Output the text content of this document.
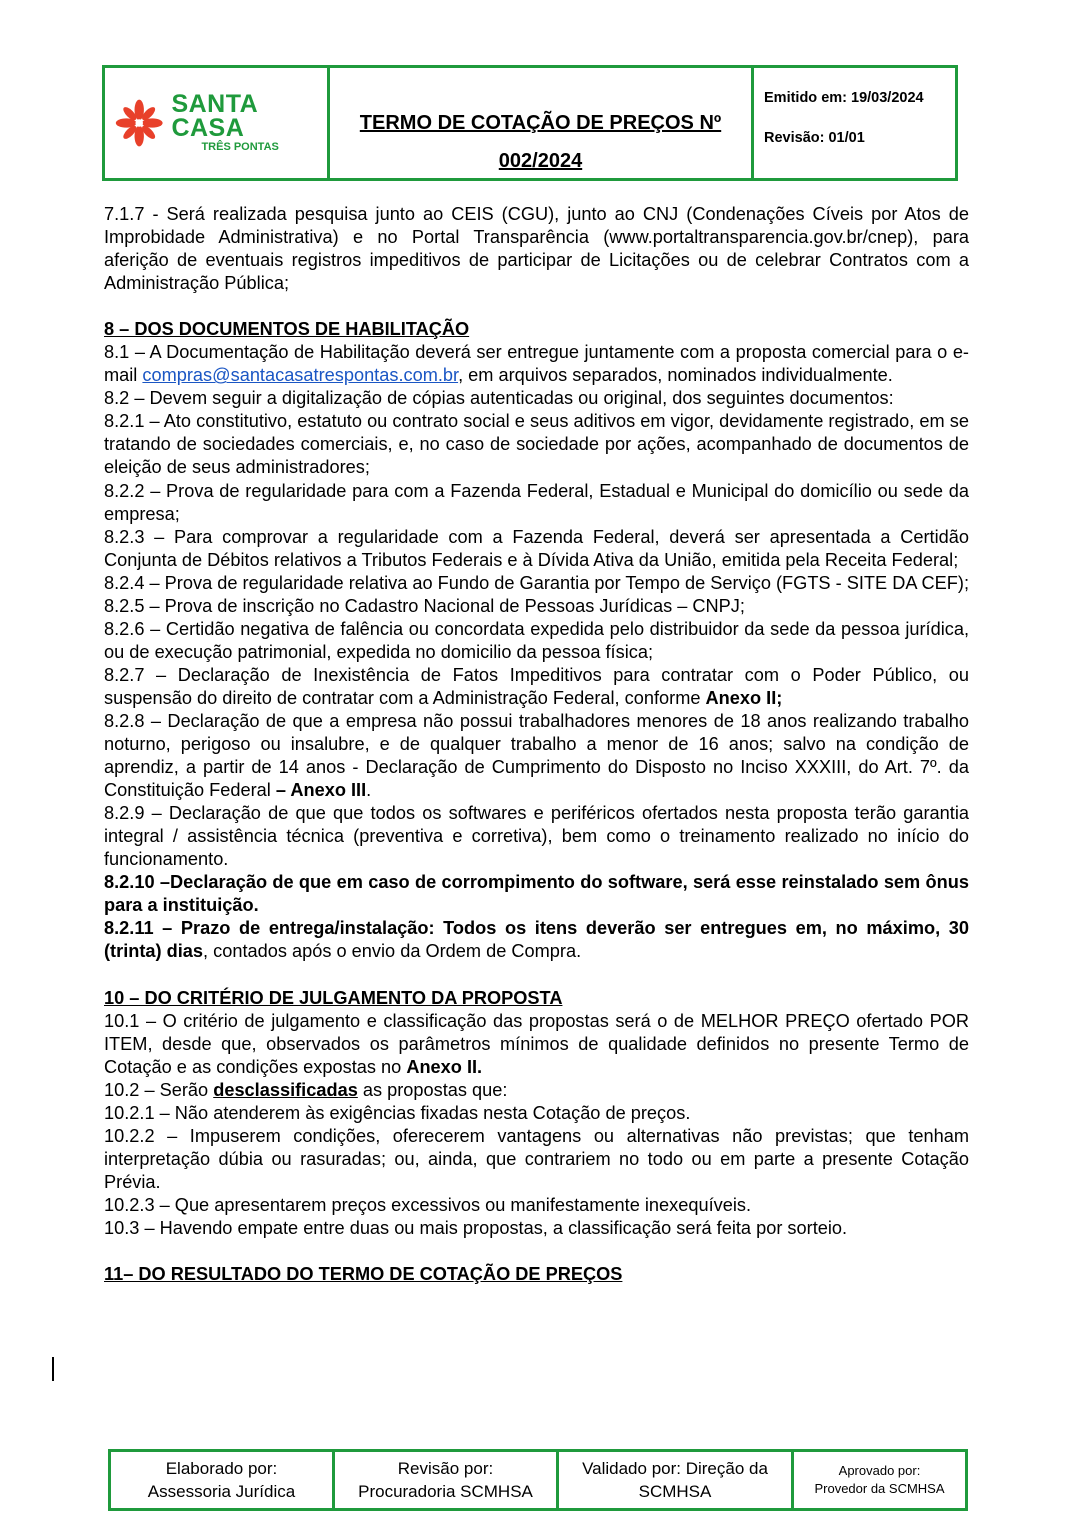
SANTA CASA
TRÊS PONTAS
TERMO DE COTAÇÃO DE PREÇOS Nº
002/2024
Emitido em: 19/03/2024
Revisão: 01/01

7.1.7 - Será realizada pesquisa junto ao CEIS (CGU), junto ao CNJ (Condenações Cíveis por Atos de Improbidade Administrativa) e no Portal Transparência (www.portaltransparencia.gov.br/cnep), para aferição de eventuais registros impeditivos de participar de Licitações ou de celebrar Contratos com a Administração Pública;

8 – DOS DOCUMENTOS DE HABILITAÇÃO

8.1 – A Documentação de Habilitação deverá ser entregue juntamente com a proposta comercial para o e-mail compras@santacasatrespontas.com.br, em arquivos separados, nominados individualmente.

8.2 – Devem seguir a digitalização de cópias autenticadas ou original, dos seguintes documentos:

8.2.1 – Ato constitutivo, estatuto ou contrato social e seus aditivos em vigor, devidamente registrado, em se tratando de sociedades comerciais, e, no caso de sociedade por ações, acompanhado de documentos de eleição de seus administradores;

8.2.2 – Prova de regularidade para com a Fazenda Federal, Estadual e Municipal do domicílio ou sede da empresa;

8.2.3 – Para comprovar a regularidade com a Fazenda Federal, deverá ser apresentada a Certidão Conjunta de Débitos relativos a Tributos Federais e à Dívida Ativa da União, emitida pela Receita Federal;

8.2.4 – Prova de regularidade relativa ao Fundo de Garantia por Tempo de Serviço (FGTS - SITE DA CEF);

8.2.5 – Prova de inscrição no Cadastro Nacional de Pessoas Jurídicas – CNPJ;

8.2.6 – Certidão negativa de falência ou concordata expedida pelo distribuidor da sede da pessoa jurídica, ou de execução patrimonial, expedida no domicilio da pessoa física;

8.2.7 – Declaração de Inexistência de Fatos Impeditivos para contratar com o Poder Público, ou suspensão do direito de contratar com a Administração Federal, conforme Anexo II;

8.2.8 – Declaração de que a empresa não possui trabalhadores menores de 18 anos realizando trabalho noturno, perigoso ou insalubre, e de qualquer trabalho a menor de 16 anos; salvo na condição de aprendiz, a partir de 14 anos - Declaração de Cumprimento do Disposto no Inciso XXXIII, do Art. 7º. da Constituição Federal – Anexo III.

8.2.9 – Declaração de que que todos os softwares e periféricos ofertados nesta proposta terão garantia integral / assistência técnica (preventiva e corretiva), bem como o treinamento realizado no início do funcionamento.

8.2.10 –Declaração de que em caso de corrompimento do software, será esse reinstalado sem ônus para a instituição.

8.2.11 – Prazo de entrega/instalação: Todos os itens deverão ser entregues em, no máximo, 30 (trinta) dias, contados após o envio da Ordem de Compra.

10 – DO CRITÉRIO DE JULGAMENTO DA PROPOSTA

10.1 – O critério de julgamento e classificação das propostas será o de MELHOR PREÇO ofertado POR ITEM, desde que, observados os parâmetros mínimos de qualidade definidos no presente Termo de Cotação e as condições expostas no Anexo II.

10.2 – Serão desclassificadas as propostas que:

10.2.1 – Não atenderem às exigências fixadas nesta Cotação de preços.

10.2.2 – Impuserem condições, oferecerem vantagens ou alternativas não previstas; que tenham interpretação dúbia ou rasuradas; ou, ainda, que contrariem no todo ou em parte a presente Cotação Prévia.

10.2.3 – Que apresentarem preços excessivos ou manifestamente inexequíveis.

10.3 – Havendo empate entre duas ou mais propostas, a classificação será feita por sorteio.

11– DO RESULTADO DO TERMO DE COTAÇÃO DE PREÇOS

Elaborado por:
Assessoria Jurídica
Revisão por:
Procuradoria SCMHSA
Validado por: Direção da
SCMHSA
Aprovado por:
Provedor da SCMHSA
